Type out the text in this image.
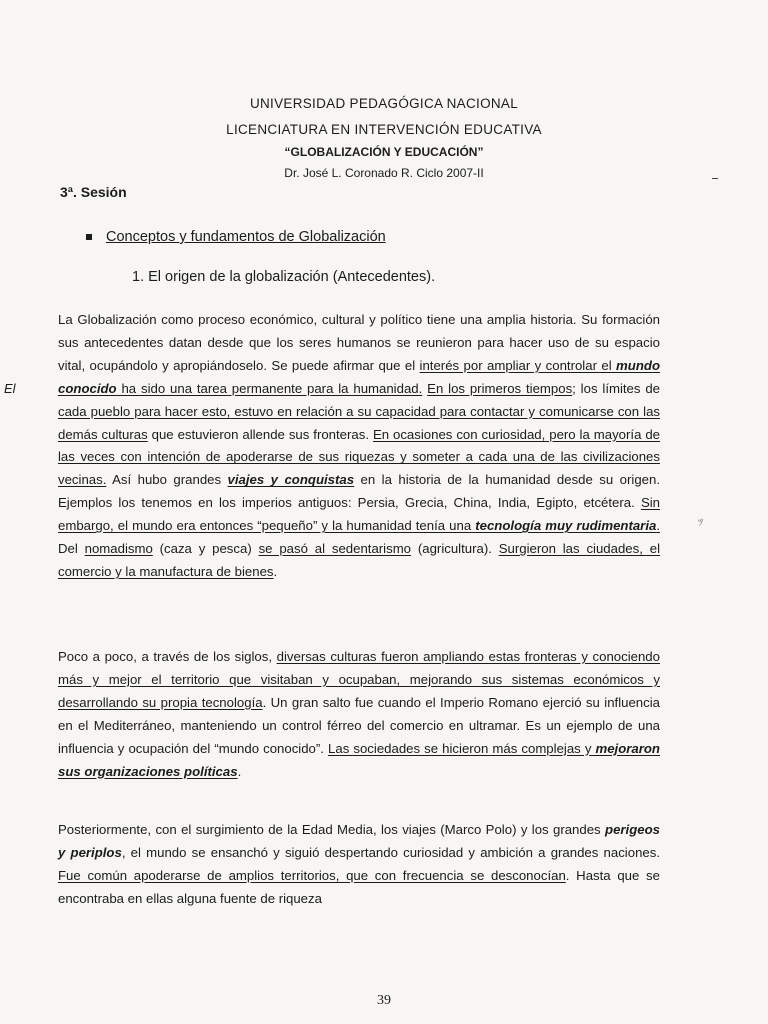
UNIVERSIDAD PEDAGÓGICA NACIONAL
LICENCIATURA EN INTERVENCIÓN EDUCATIVA
“GLOBALIZACIÓN Y EDUCACIÓN”
Dr. José L. Coronado R. Ciclo 2007-II
3ª. Sesión
Conceptos y fundamentos de Globalización
1. El origen de la globalización (Antecedentes).
El
ﾂ
La Globalización como proceso económico, cultural y político tiene una amplia historia. Su formación sus antecedentes datan desde que los seres humanos se reunieron para hacer uso de su espacio vital, ocupándolo y apropiándoselo. Se puede afirmar que el interés por ampliar y controlar el mundo conocido ha sido una tarea permanente para la humanidad. En los primeros tiempos; los límites de cada pueblo para hacer esto, estuvo en relación a su capacidad para contactar y comunicarse con las demás culturas que estuvieron allende sus fronteras. En ocasiones con curiosidad, pero la mayoría de las veces con intención de apoderarse de sus riquezas y someter a cada una de las civilizaciones vecinas. Así hubo grandes viajes y conquistas en la historia de la humanidad desde su origen. Ejemplos los tenemos en los imperios antiguos: Persia, Grecia, China, India, Egipto, etcétera. Sin embargo, el mundo era entonces “pequeño” y la humanidad tenía una tecnología muy rudimentaria. Del nomadismo (caza y pesca) se pasó al sedentarismo (agricultura). Surgieron las ciudades, el comercio y la manufactura de bienes.
Poco a poco, a través de los siglos, diversas culturas fueron ampliando estas fronteras y conociendo más y mejor el territorio que visitaban y ocupaban, mejorando sus sistemas económicos y desarrollando su propia tecnología. Un gran salto fue cuando el Imperio Romano ejerció su influencia en el Mediterráneo, manteniendo un control férreo del comercio en ultramar. Es un ejemplo de una influencia y ocupación del “mundo conocido”. Las sociedades se hicieron más complejas y mejoraron sus organizaciones políticas.
Posteriormente, con el surgimiento de la Edad Media, los viajes (Marco Polo) y los grandes perigeos y periplos, el mundo se ensanchó y siguió despertando curiosidad y ambición a grandes naciones. Fue común apoderarse de amplios territorios, que con frecuencia se desconocían. Hasta que se encontraba en ellas alguna fuente de riqueza
39
